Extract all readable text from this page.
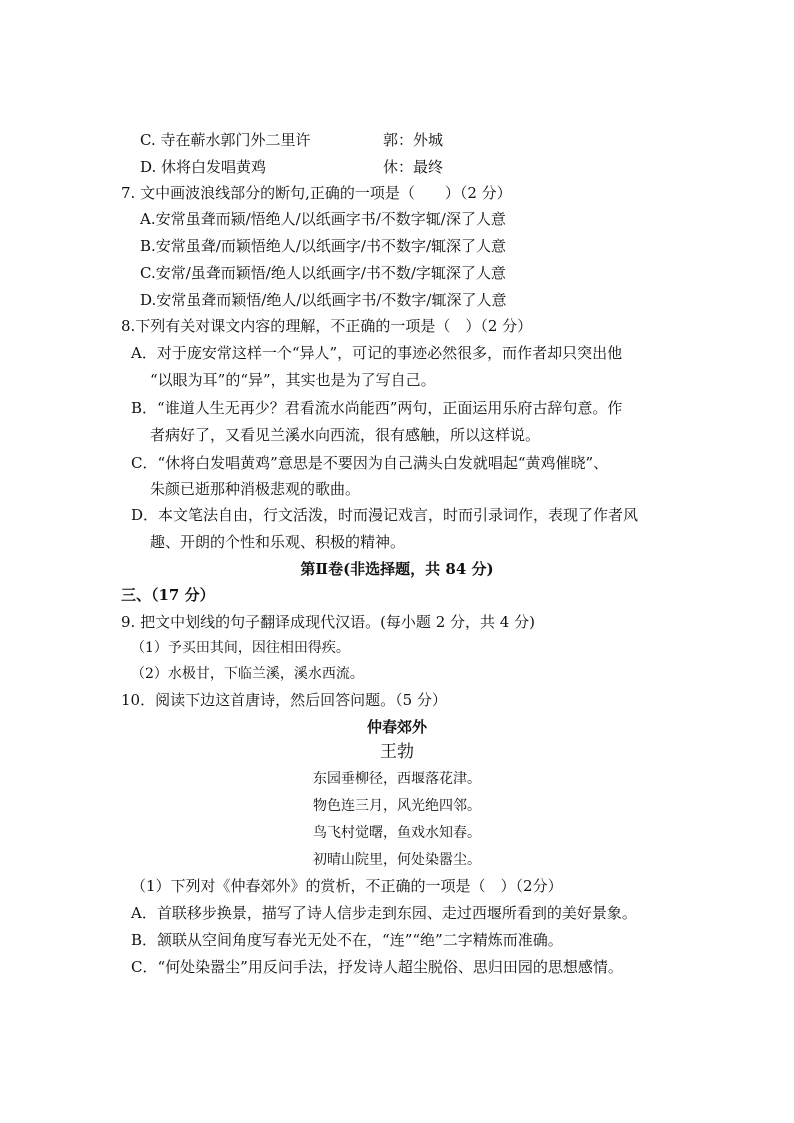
C. 寺在蕲水郭门外二里许	郭：外城
D. 休将白发唱黄鸡	休：最终
7. 文中画波浪线部分的断句,正确的一项是（　　）（2 分）
A.安常虽聋而颍/悟绝人/以纸画字书/不数字辄/深了人意
B.安常虽聋/而颖悟绝人/以纸画字/书不数字/辄深了人意
C.安常/虽聋而颖悟/绝人以纸画字/书不数/字辄深了人意
D.安常虽聋而颖悟/绝人/以纸画字书/不数字/辄深了人意
8.下列有关对课文内容的理解，不正确的一项是（　）（2 分）
A．对于庞安常这样一个“异人”，可记的事迹必然很多，而作者却只突出他
“以眼为耳”的“异”，其实也是为了写自己。
B．“谁道人生无再少？君看流水尚能西”两句，正面运用乐府古辞句意。作
者病好了，又看见兰溪水向西流，很有感触，所以这样说。
C．“休将白发唱黄鸡”意思是不要因为自己满头白发就唱起“黄鸡催晓”、
朱颜已逝那种消极悲观的歌曲。
D．本文笔法自由，行文活泼，时而漫记戏言，时而引录词作，表现了作者风
趣、开朗的个性和乐观、积极的精神。
第Ⅱ卷(非选择题，共 84 分)
三、（17 分）
9. 把文中划线的句子翻译成现代汉语。(每小题 2 分，共 4 分)
（1）予买田其间，因往相田得疾。
（2）水极甘，下临兰溪，溪水西流。
10．阅读下边这首唐诗，然后回答问题。（5 分）
仲春郊外
王勃
东园垂柳径，西堰落花津。
物色连三月，风光绝四邻。
鸟飞村觉曙，鱼戏水知春。
初晴山院里，何处染嚣尘。
（1）下列对《仲春郊外》的赏析，不正确的一项是（　）（2分）
A．首联移步换景，描写了诗人信步走到东园、走过西堰所看到的美好景象。
B．颔联从空间角度写春光无处不在，“连”“绝”二字精炼而准确。
C．“何处染嚣尘”用反问手法，抒发诗人超尘脱俗、思归田园的思想感情。
